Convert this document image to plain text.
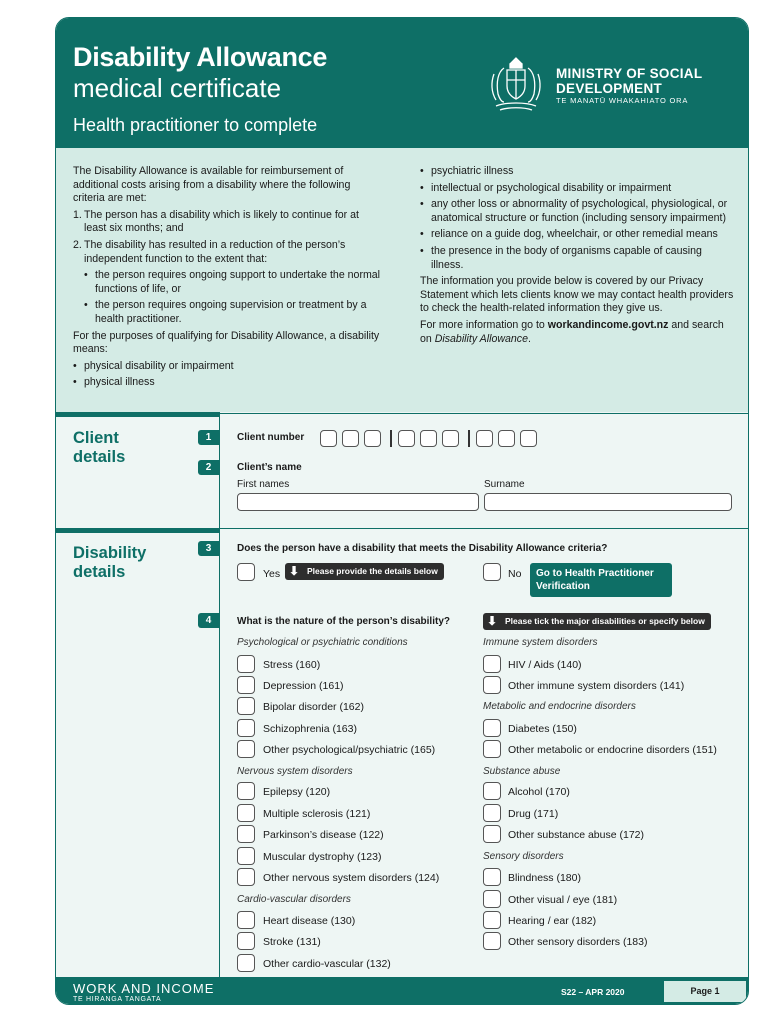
Disability Allowance
medical certificate
Health practitioner to complete
MINISTRY OF SOCIAL
DEVELOPMENT
TE MANATŪ WHAKAHIATO ORA

The Disability Allowance is available for reimbursement of additional costs arising from a disability where the following criteria are met:

1. The person has a disability which is likely to continue for at least six months; and
2. The disability has resulted in a reduction of the person’s independent function to the extent that:
• the person requires ongoing support to undertake the normal functions of life, or
• the person requires ongoing supervision or treatment by a health practitioner.

For the purposes of qualifying for Disability Allowance, a disability means:

• physical disability or impairment
• physical illness
• psychiatric illness
• intellectual or psychological disability or impairment
• any other loss or abnormality of psychological, physiological, or anatomical structure or function (including sensory impairment)
• reliance on a guide dog, wheelchair, or other remedial means
• the presence in the body of organisms capable of causing illness.

The information you provide below is covered by our Privacy Statement which lets clients know we may contact health providers to check the health-related information they give us.

For more information go to workandincome.govt.nz and search on Disability Allowance.

Client
details
1	Client number
2	Client’s name
First names	Surname
Disability
details
3	Does the person have a disability that meets the Disability Allowance criteria?
Yes ⬇ Please provide the details below	No	Go to Health Practitioner Verification
4	What is the nature of the person’s disability?	⬇ Please tick the major disabilities or specify below
Psychological or psychiatric conditions
Stress (160)
Depression (161)
Bipolar disorder (162)
Schizophrenia (163)
Other psychological/psychiatric (165)
Nervous system disorders
Epilepsy (120)
Multiple sclerosis (121)
Parkinson’s disease (122)
Muscular dystrophy (123)
Other nervous system disorders (124)
Cardio-vascular disorders
Heart disease (130)
Stroke (131)
Other cardio-vascular (132)
Immune system disorders
HIV / Aids (140)
Other immune system disorders (141)
Metabolic and endocrine disorders
Diabetes (150)
Other metabolic or endocrine disorders (151)
Substance abuse
Alcohol (170)
Drug (171)
Other substance abuse (172)
Sensory disorders
Blindness (180)
Other visual / eye (181)
Hearing / ear (182)
Other sensory disorders (183)
WORK AND INCOME
TE HIRANGA TANGATA
S22 – APR 2020	Page 1
